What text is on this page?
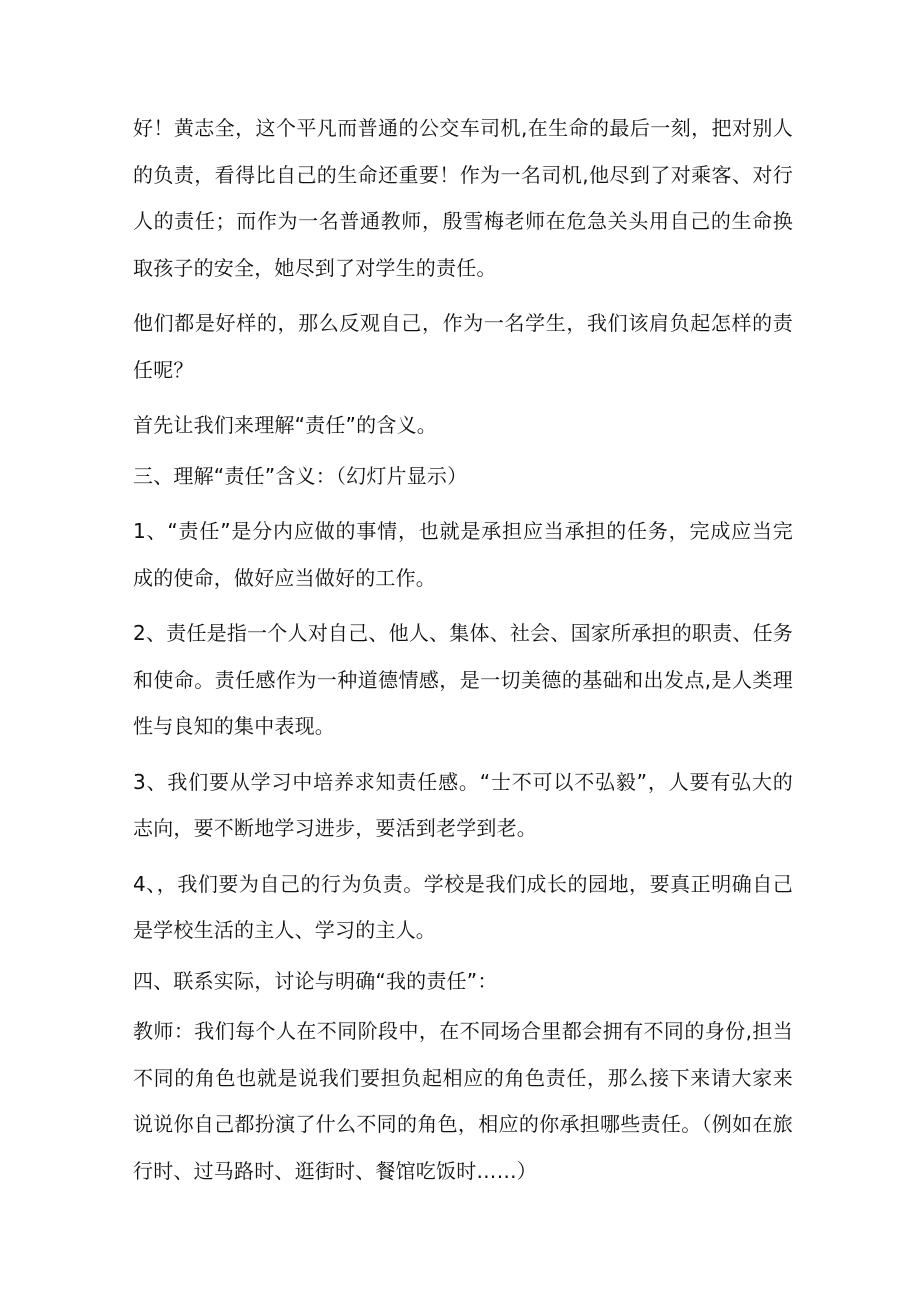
好！黄志全，这个平凡而普通的公交车司机,在生命的最后一刻，把对别人的负责，看得比自己的生命还重要！作为一名司机,他尽到了对乘客、对行人的责任；而作为一名普通教师，殷雪梅老师在危急关头用自己的生命换取孩子的安全，她尽到了对学生的责任。

他们都是好样的，那么反观自己，作为一名学生，我们该肩负起怎样的责任呢？

首先让我们来理解“责任”的含义。

三、理解“责任”含义：（幻灯片显示）

1、“责任”是分内应做的事情，也就是承担应当承担的任务，完成应当完成的使命，做好应当做好的工作。

2、责任是指一个人对自己、他人、集体、社会、国家所承担的职责、任务和使命。责任感作为一种道德情感，是一切美德的基础和出发点,是人类理性与良知的集中表现。

3、我们要从学习中培养求知责任感。“士不可以不弘毅”，人要有弘大的志向，要不断地学习进步，要活到老学到老。

4、，我们要为自己的行为负责。学校是我们成长的园地，要真正明确自己是学校生活的主人、学习的主人。

四、联系实际，讨论与明确“我的责任”：

教师：我们每个人在不同阶段中，在不同场合里都会拥有不同的身份,担当不同的角色也就是说我们要担负起相应的角色责任，那么接下来请大家来说说你自己都扮演了什么不同的角色，相应的你承担哪些责任。（例如在旅行时、过马路时、逛街时、餐馆吃饭时……）
